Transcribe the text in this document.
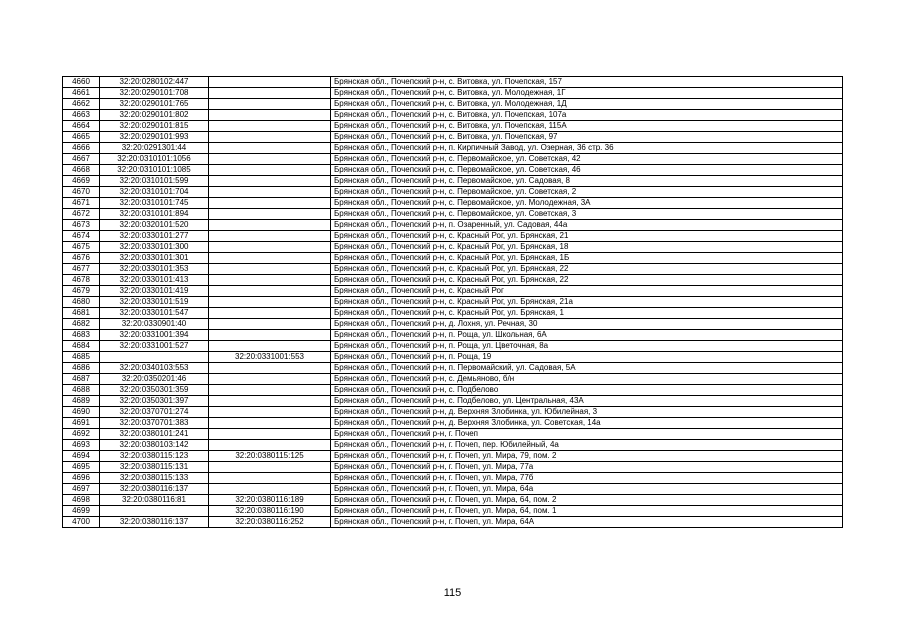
4660	32:20:0280102:447		Брянская обл., Почепский р-н, с. Витовка, ул. Почепская, 157
4661	32:20:0290101:708		Брянская обл., Почепский р-н, с. Витовка, ул. Молодежная, 1Г
4662	32:20:0290101:765		Брянская обл., Почепский р-н, с. Витовка, ул. Молодежная, 1Д
4663	32:20:0290101:802		Брянская обл., Почепский р-н, с. Витовка, ул. Почепская, 107а
4664	32:20:0290101:815		Брянская обл., Почепский р-н, с. Витовка, ул. Почепская, 115А
4665	32:20:0290101:993		Брянская обл., Почепский р-н, с. Витовка, ул. Почепская, 97
4666	32:20:0291301:44		Брянская обл., Почепский р-н, п. Кирпичный Завод, ул. Озерная, 36 стр. 36
4667	32:20:0310101:1056		Брянская обл., Почепский р-н, с. Первомайское, ул. Советская, 42
4668	32:20:0310101:1085		Брянская обл., Почепский р-н, с. Первомайское, ул. Советская, 46
4669	32:20:0310101:599		Брянская обл., Почепский р-н, с. Первомайское, ул. Садовая, 8
4670	32:20:0310101:704		Брянская обл., Почепский р-н, с. Первомайское, ул. Советская, 2
4671	32:20:0310101:745		Брянская обл., Почепский р-н, с. Первомайское, ул. Молодежная, 3А
4672	32:20:0310101:894		Брянская обл., Почепский р-н, с. Первомайское, ул. Советская, 3
4673	32:20:0320101:520		Брянская обл., Почепский р-н, п. Озаренный, ул. Садовая, 44а
4674	32:20:0330101:277		Брянская обл., Почепский р-н, с. Красный Рог, ул. Брянская, 21
4675	32:20:0330101:300		Брянская обл., Почепский р-н, с. Красный Рог, ул. Брянская, 18
4676	32:20:0330101:301		Брянская обл., Почепский р-н, с. Красный Рог, ул. Брянская, 1Б
4677	32:20:0330101:353		Брянская обл., Почепский р-н, с. Красный Рог, ул. Брянская, 22
4678	32:20:0330101:413		Брянская обл., Почепский р-н, с. Красный Рог, ул. Брянская, 22
4679	32:20:0330101:419		Брянская обл., Почепский р-н, с. Красный Рог
4680	32:20:0330101:519		Брянская обл., Почепский р-н, с. Красный Рог, ул. Брянская, 21а
4681	32:20:0330101:547		Брянская обл., Почепский р-н, с. Красный Рог, ул. Брянская, 1
4682	32:20:0330901:40		Брянская обл., Почепский р-н, д. Лохня, ул. Речная, 30
4683	32:20:0331001:394		Брянская обл., Почепский р-н, п. Роща, ул. Школьная, 6А
4684	32:20:0331001:527		Брянская обл., Почепский р-н, п. Роща, ул. Цветочная, 8а
4685		32:20:0331001:553	Брянская обл., Почепский р-н, п. Роща, 19
4686	32:20:0340103:553		Брянская обл., Почепский р-н, п. Первомайский, ул. Садовая, 5А
4687	32:20:0350201:46		Брянская обл., Почепский р-н, с. Демьяново, б/н
4688	32:20:0350301:359		Брянская обл., Почепский р-н, с. Подбелово
4689	32:20:0350301:397		Брянская обл., Почепский р-н, с. Подбелово, ул. Центральная, 43А
4690	32:20:0370701:274		Брянская обл., Почепский р-н, д. Верхняя Злобинка, ул. Юбилейная, 3
4691	32:20:0370701:383		Брянская обл., Почепский р-н, д. Верхняя Злобинка, ул. Советская, 14а
4692	32:20:0380101:241		Брянская обл., Почепский р-н, г. Почеп
4693	32:20:0380103:142		Брянская обл., Почепский р-н, г. Почеп, пер. Юбилейный, 4а
4694	32:20:0380115:123	32:20:0380115:125	Брянская обл., Почепский р-н, г. Почеп, ул. Мира, 79, пом. 2
4695	32:20:0380115:131		Брянская обл., Почепский р-н, г. Почеп, ул. Мира, 77а
4696	32:20:0380115:133		Брянская обл., Почепский р-н, г. Почеп, ул. Мира, 77б
4697	32:20:0380116:137		Брянская обл., Почепский р-н, г. Почеп, ул. Мира, 64а
4698	32:20:0380116:81	32:20:0380116:189	Брянская обл., Почепский р-н, г. Почеп, ул. Мира, 64, пом. 2
4699		32:20:0380116:190	Брянская обл., Почепский р-н, г. Почеп, ул. Мира, 64, пом. 1
4700	32:20:0380116:137	32:20:0380116:252	Брянская обл., Почепский р-н, г. Почеп, ул. Мира, 64А
115
